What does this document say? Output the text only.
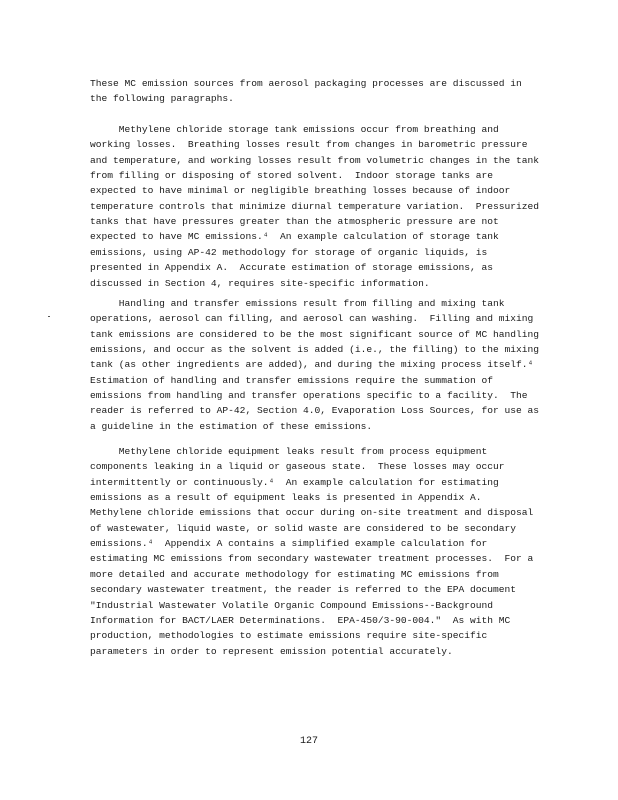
These MC emission sources from aerosol packaging processes are discussed in

the following paragraphs.

Methylene chloride storage tank emissions occur from breathing and

working losses.  Breathing losses result from changes in barometric pressure

and temperature, and working losses result from volumetric changes in the tank

from filling or disposing of stored solvent.  Indoor storage tanks are

expected to have minimal or negligible breathing losses because of indoor

temperature controls that minimize diurnal temperature variation.  Pressurized

tanks that have pressures greater than the atmospheric pressure are not

expected to have MC emissions.⁴  An example calculation of storage tank

emissions, using AP-42 methodology for storage of organic liquids, is

presented in Appendix A.  Accurate estimation of storage emissions, as

discussed in Section 4, requires site-specific information.

Handling and transfer emissions result from filling and mixing tank

operations, aerosol can filling, and aerosol can washing.  Filling and mixing

tank emissions are considered to be the most significant source of MC handling

emissions, and occur as the solvent is added (i.e., the filling) to the mixing

tank (as other ingredients are added), and during the mixing process itself.⁴

Estimation of handling and transfer emissions require the summation of

emissions from handling and transfer operations specific to a facility.  The

reader is referred to AP-42, Section 4.0, Evaporation Loss Sources, for use as

a guideline in the estimation of these emissions.

Methylene chloride equipment leaks result from process equipment

components leaking in a liquid or gaseous state.  These losses may occur

intermittently or continuously.⁴  An example calculation for estimating

emissions as a result of equipment leaks is presented in Appendix A.

Methylene chloride emissions that occur during on-site treatment and disposal

of wastewater, liquid waste, or solid waste are considered to be secondary

emissions.⁴  Appendix A contains a simplified example calculation for

estimating MC emissions from secondary wastewater treatment processes.  For a

more detailed and accurate methodology for estimating MC emissions from

secondary wastewater treatment, the reader is referred to the EPA document

"Industrial Wastewater Volatile Organic Compound Emissions--Background

Information for BACT/LAER Determinations.  EPA-450/3-90-004."  As with MC

production, methodologies to estimate emissions require site-specific

parameters in order to represent emission potential accurately.

127
